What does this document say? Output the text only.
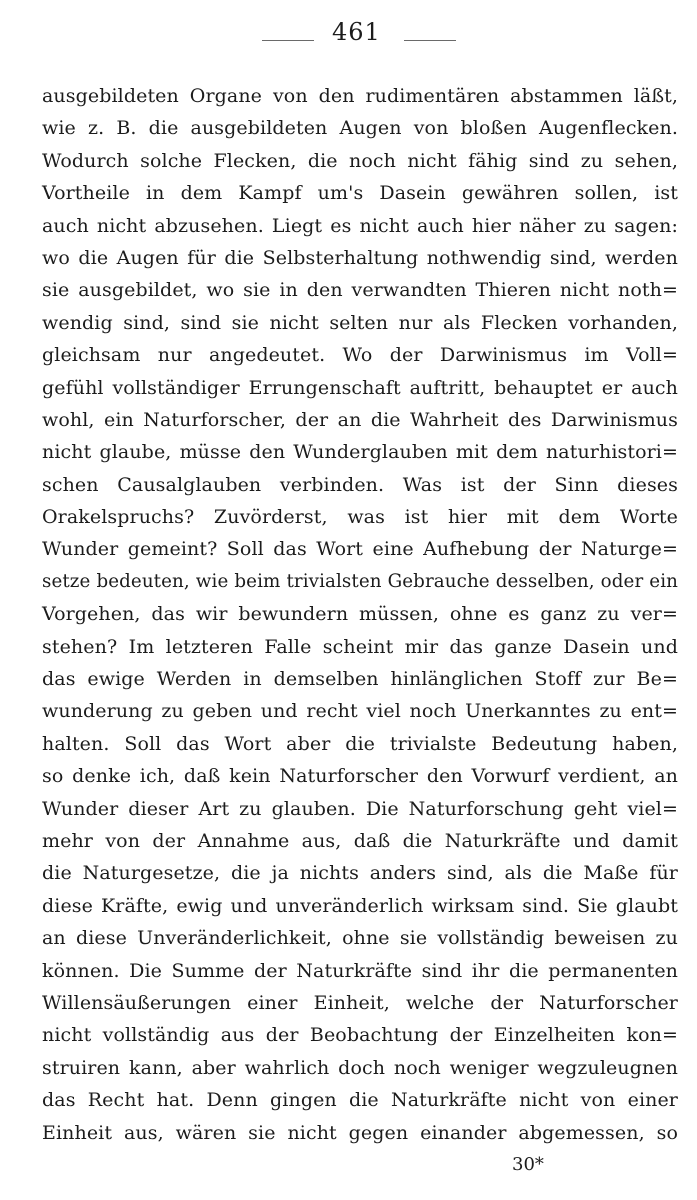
461
ausgebildeten Organe von den rudimentären abstammen läßt,
wie z. B. die ausgebildeten Augen von bloßen Augenflecken.
Wodurch solche Flecken, die noch nicht fähig sind zu sehen,
Vortheile in dem Kampf um's Dasein gewähren sollen, ist
auch nicht abzusehen. Liegt es nicht auch hier näher zu sagen:
wo die Augen für die Selbsterhaltung nothwendig sind, werden
sie ausgebildet, wo sie in den verwandten Thieren nicht noth=
wendig sind, sind sie nicht selten nur als Flecken vorhanden,
gleichsam nur angedeutet. Wo der Darwinismus im Voll=
gefühl vollständiger Errungenschaft auftritt, behauptet er auch
wohl, ein Naturforscher, der an die Wahrheit des Darwinismus
nicht glaube, müsse den Wunderglauben mit dem naturhistori=
schen Causalglauben verbinden. Was ist der Sinn dieses
Orakelspruchs? Zuvörderst, was ist hier mit dem Worte
Wunder gemeint? Soll das Wort eine Aufhebung der Naturge=
setze bedeuten, wie beim trivialsten Gebrauche desselben, oder ein
Vorgehen, das wir bewundern müssen, ohne es ganz zu ver=
stehen? Im letzteren Falle scheint mir das ganze Dasein und
das ewige Werden in demselben hinlänglichen Stoff zur Be=
wunderung zu geben und recht viel noch Unerkanntes zu ent=
halten. Soll das Wort aber die trivialste Bedeutung haben,
so denke ich, daß kein Naturforscher den Vorwurf verdient, an
Wunder dieser Art zu glauben. Die Naturforschung geht viel=
mehr von der Annahme aus, daß die Naturkräfte und damit
die Naturgesetze, die ja nichts anders sind, als die Maße für
diese Kräfte, ewig und unveränderlich wirksam sind. Sie glaubt
an diese Unveränderlichkeit, ohne sie vollständig beweisen zu
können. Die Summe der Naturkräfte sind ihr die permanenten
Willensäußerungen einer Einheit, welche der Naturforscher
nicht vollständig aus der Beobachtung der Einzelheiten kon=
struiren kann, aber wahrlich doch noch weniger wegzuleugnen
das Recht hat. Denn gingen die Naturkräfte nicht von einer
Einheit aus, wären sie nicht gegen einander abgemessen, so
30*
